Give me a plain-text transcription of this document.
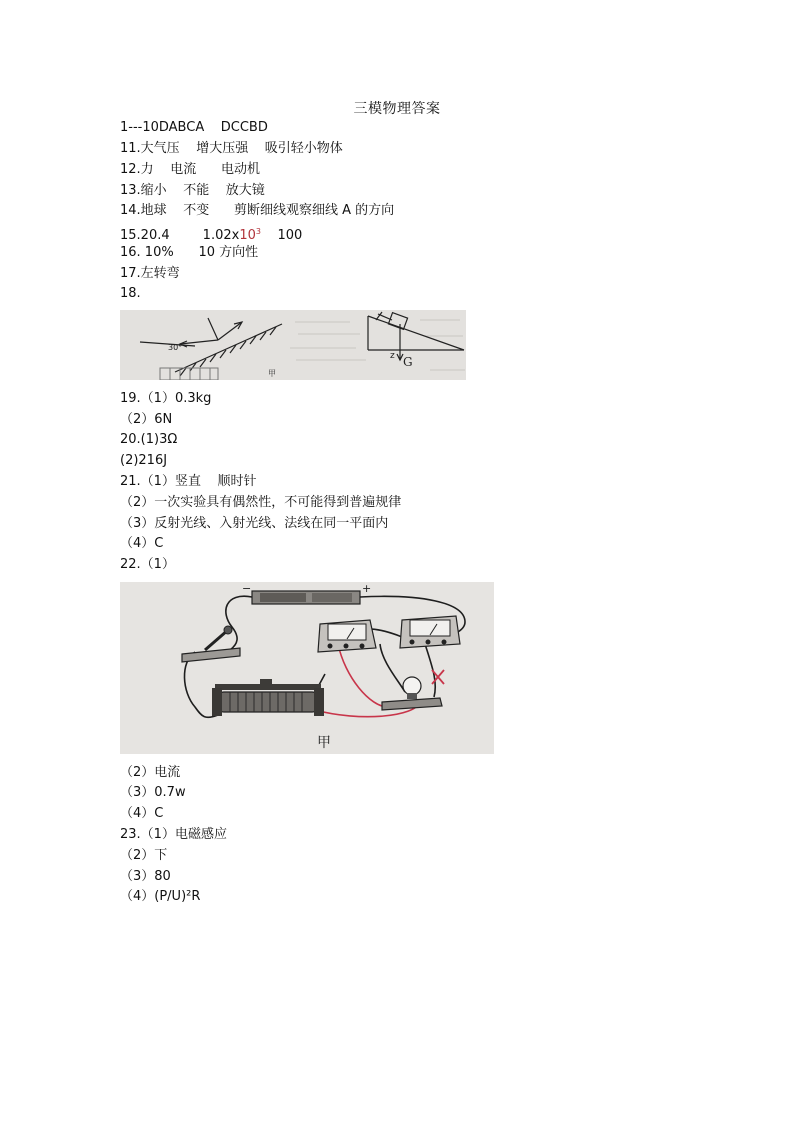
三模物理答案
1---10DABCA    DCCBD
11.大气压    增大压强    吸引轻小物体
12.力    电流      电动机
13.缩小    不能    放大镜
14.地球    不变      剪断细线观察细线 A 的方向
15.20.4        $1.02x10^3$    100
16. 10%      10 方向性
17.左转弯
18.
30°
甲
G
z
19.（1）0.3kg
（2）6N
20.(1)3Ω
(2)216J
21.（1）竖直    顺时针
（2）一次实验具有偶然性，不可能得到普遍规律
（3）反射光线、入射光线、法线在同一平面内
（4）C
22.（1）
−	+
甲
（2）电流
（3）0.7w
（4）C
23.（1）电磁感应
（2）下
（3）80
（4）(P/U)²R
